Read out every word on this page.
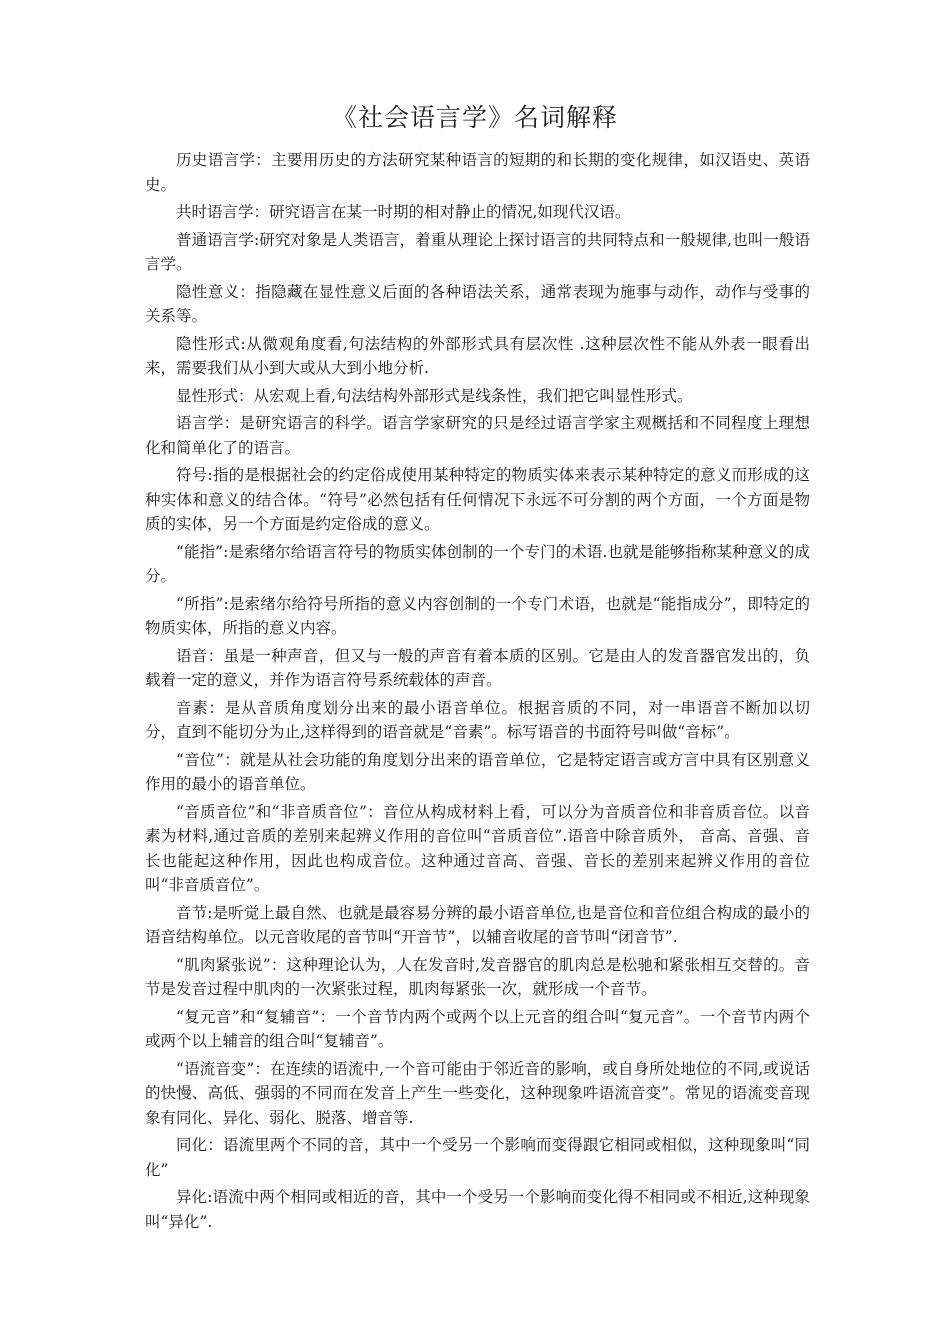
《社会语言学》名词解释

历史语言学：主要用历史的方法研究某种语言的短期的和长期的变化规律，如汉语史、英语史。

共时语言学：研究语言在某一时期的相对静止的情况,如现代汉语。

普通语言学:研究对象是人类语言，着重从理论上探讨语言的共同特点和一般规律,也叫一般语言学。

隐性意义：指隐藏在显性意义后面的各种语法关系，通常表现为施事与动作，动作与受事的关系等。

隐性形式:从微观角度看,句法结构的外部形式具有层次性 .这种层次性不能从外表一眼看出来，需要我们从小到大或从大到小地分析.

显性形式：从宏观上看,句法结构外部形式是线条性，我们把它叫显性形式。

语言学：是研究语言的科学。语言学家研究的只是经过语言学家主观概括和不同程度上理想化和简单化了的语言。

符号:指的是根据社会的约定俗成使用某种特定的物质实体来表示某种特定的意义而形成的这种实体和意义的结合体。“符号”必然包括有任何情况下永远不可分割的两个方面，一个方面是物质的实体，另一个方面是约定俗成的意义。

“能指”:是索绪尔给语言符号的物质实体创制的一个专门的术语.也就是能够指称某种意义的成分。

“所指”:是索绪尔给符号所指的意义内容创制的一个专门术语，也就是“能指成分”，即特定的物质实体，所指的意义内容。

语音：虽是一种声音，但又与一般的声音有着本质的区别。它是由人的发音器官发出的，负载着一定的意义，并作为语言符号系统载体的声音。

音素：是从音质角度划分出来的最小语音单位。根据音质的不同，对一串语音不断加以切分，直到不能切分为止,这样得到的语音就是“音素”。标写语音的书面符号叫做“音标”。

“音位”：就是从社会功能的角度划分出来的语音单位，它是特定语言或方言中具有区别意义作用的最小的语音单位。

“音质音位”和“非音质音位”：音位从构成材料上看，可以分为音质音位和非音质音位。以音素为材料,通过音质的差别来起辨义作用的音位叫“音质音位”.语音中除音质外， 音高、音强、音长也能起这种作用，因此也构成音位。这种通过音高、音强、音长的差别来起辨义作用的音位叫“非音质音位”。

音节:是听觉上最自然、也就是最容易分辨的最小语音单位,也是音位和音位组合构成的最小的语音结构单位。以元音收尾的音节叫“开音节”，以辅音收尾的音节叫“闭音节”.

“肌肉紧张说”：这种理论认为，人在发音时,发音器官的肌肉总是松驰和紧张相互交替的。音节是发音过程中肌肉的一次紧张过程，肌肉每紧张一次，就形成一个音节。

“复元音”和“复辅音”：一个音节内两个或两个以上元音的组合叫“复元音”。一个音节内两个或两个以上辅音的组合叫“复辅音”。

“语流音变”：在连续的语流中,一个音可能由于邻近音的影响，或自身所处地位的不同,或说话的快慢、高低、强弱的不同而在发音上产生一些变化，这种现象吽语流音变”。常见的语流变音现象有同化、异化、弱化、脱落、增音等.

同化：语流里两个不同的音，其中一个受另一个影响而变得跟它相同或相似，这种现象叫“同化”

异化:语流中两个相同或相近的音，其中一个受另一个影响而变化得不相同或不相近,这种现象叫“异化”.
